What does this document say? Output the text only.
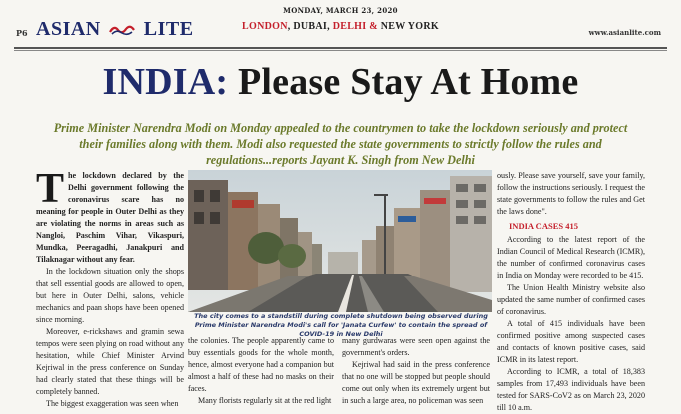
P6 ASIAN LITE
MONDAY, MARCH 23, 2020
LONDON, DUBAI, DELHI & NEW YORK
www.asianlite.com
INDIA: Please Stay At Home

Prime Minister Narendra Modi on Monday appealed to the countrymen to take the lockdown seriously and protect their families along with them. Modi also requested the state governments to strictly follow the rules and regulations...reports Jayant K. Singh from New Delhi

The lockdown declared by the Delhi government following the coronavirus scare has no meaning for people in Outer Delhi as they are violating the norms in areas such as Nangloi, Paschim Vihar, Vikaspuri, Mundka, Peeragadhi, Janakpuri and Tilaknagar without any fear.

In the lockdown situation only the shops that sell essential goods are allowed to open, but here in Outer Delhi, salons, vehicle mechanics and paan shops have been opened since morning.

Moreover, e-rickshaws and gramin sewa tempos were seen plying on road without any hesitation, while Chief Minister Arvind Kejriwal in the press conference on Sunday had clearly stated that these things will be completely banned.

The biggest exaggeration was seen when

The city comes to a standstill during complete shutdown being observed during Prime Minister Narendra Modi's call for 'Janata Curfew' to contain the spread of COVID-19 in New Delhi

the colonies. The people apparently came to buy essentials goods for the whole month, hence, almost everyone had a companion but almost a half of these had no masks on their faces.

Many florists regularly sit at the red light

many gurdwaras were seen open against the government's orders.

Kejriwal had said in the press conference that no one will be stopped but people should come out only when its extremely urgent but in such a large area, no policeman was seen

ously. Please save yourself, save your family, follow the instructions seriously. I request the state governments to follow the rules and Get the laws done".

INDIA CASES 415

According to the latest report of the Indian Council of Medical Research (ICMR), the number of confirmed coronavirus cases in India on Monday were recorded to be 415.

The Union Health Ministry website also updated the same number of confirmed cases of coronavirus.

A total of 415 individuals have been confirmed positive among suspected cases and contacts of known positive cases, said ICMR in its latest report.

According to ICMR, a total of 18,383 samples from 17,493 individuals have been tested for SARS-CoV2 as on March 23, 2020 till 10 a.m.
